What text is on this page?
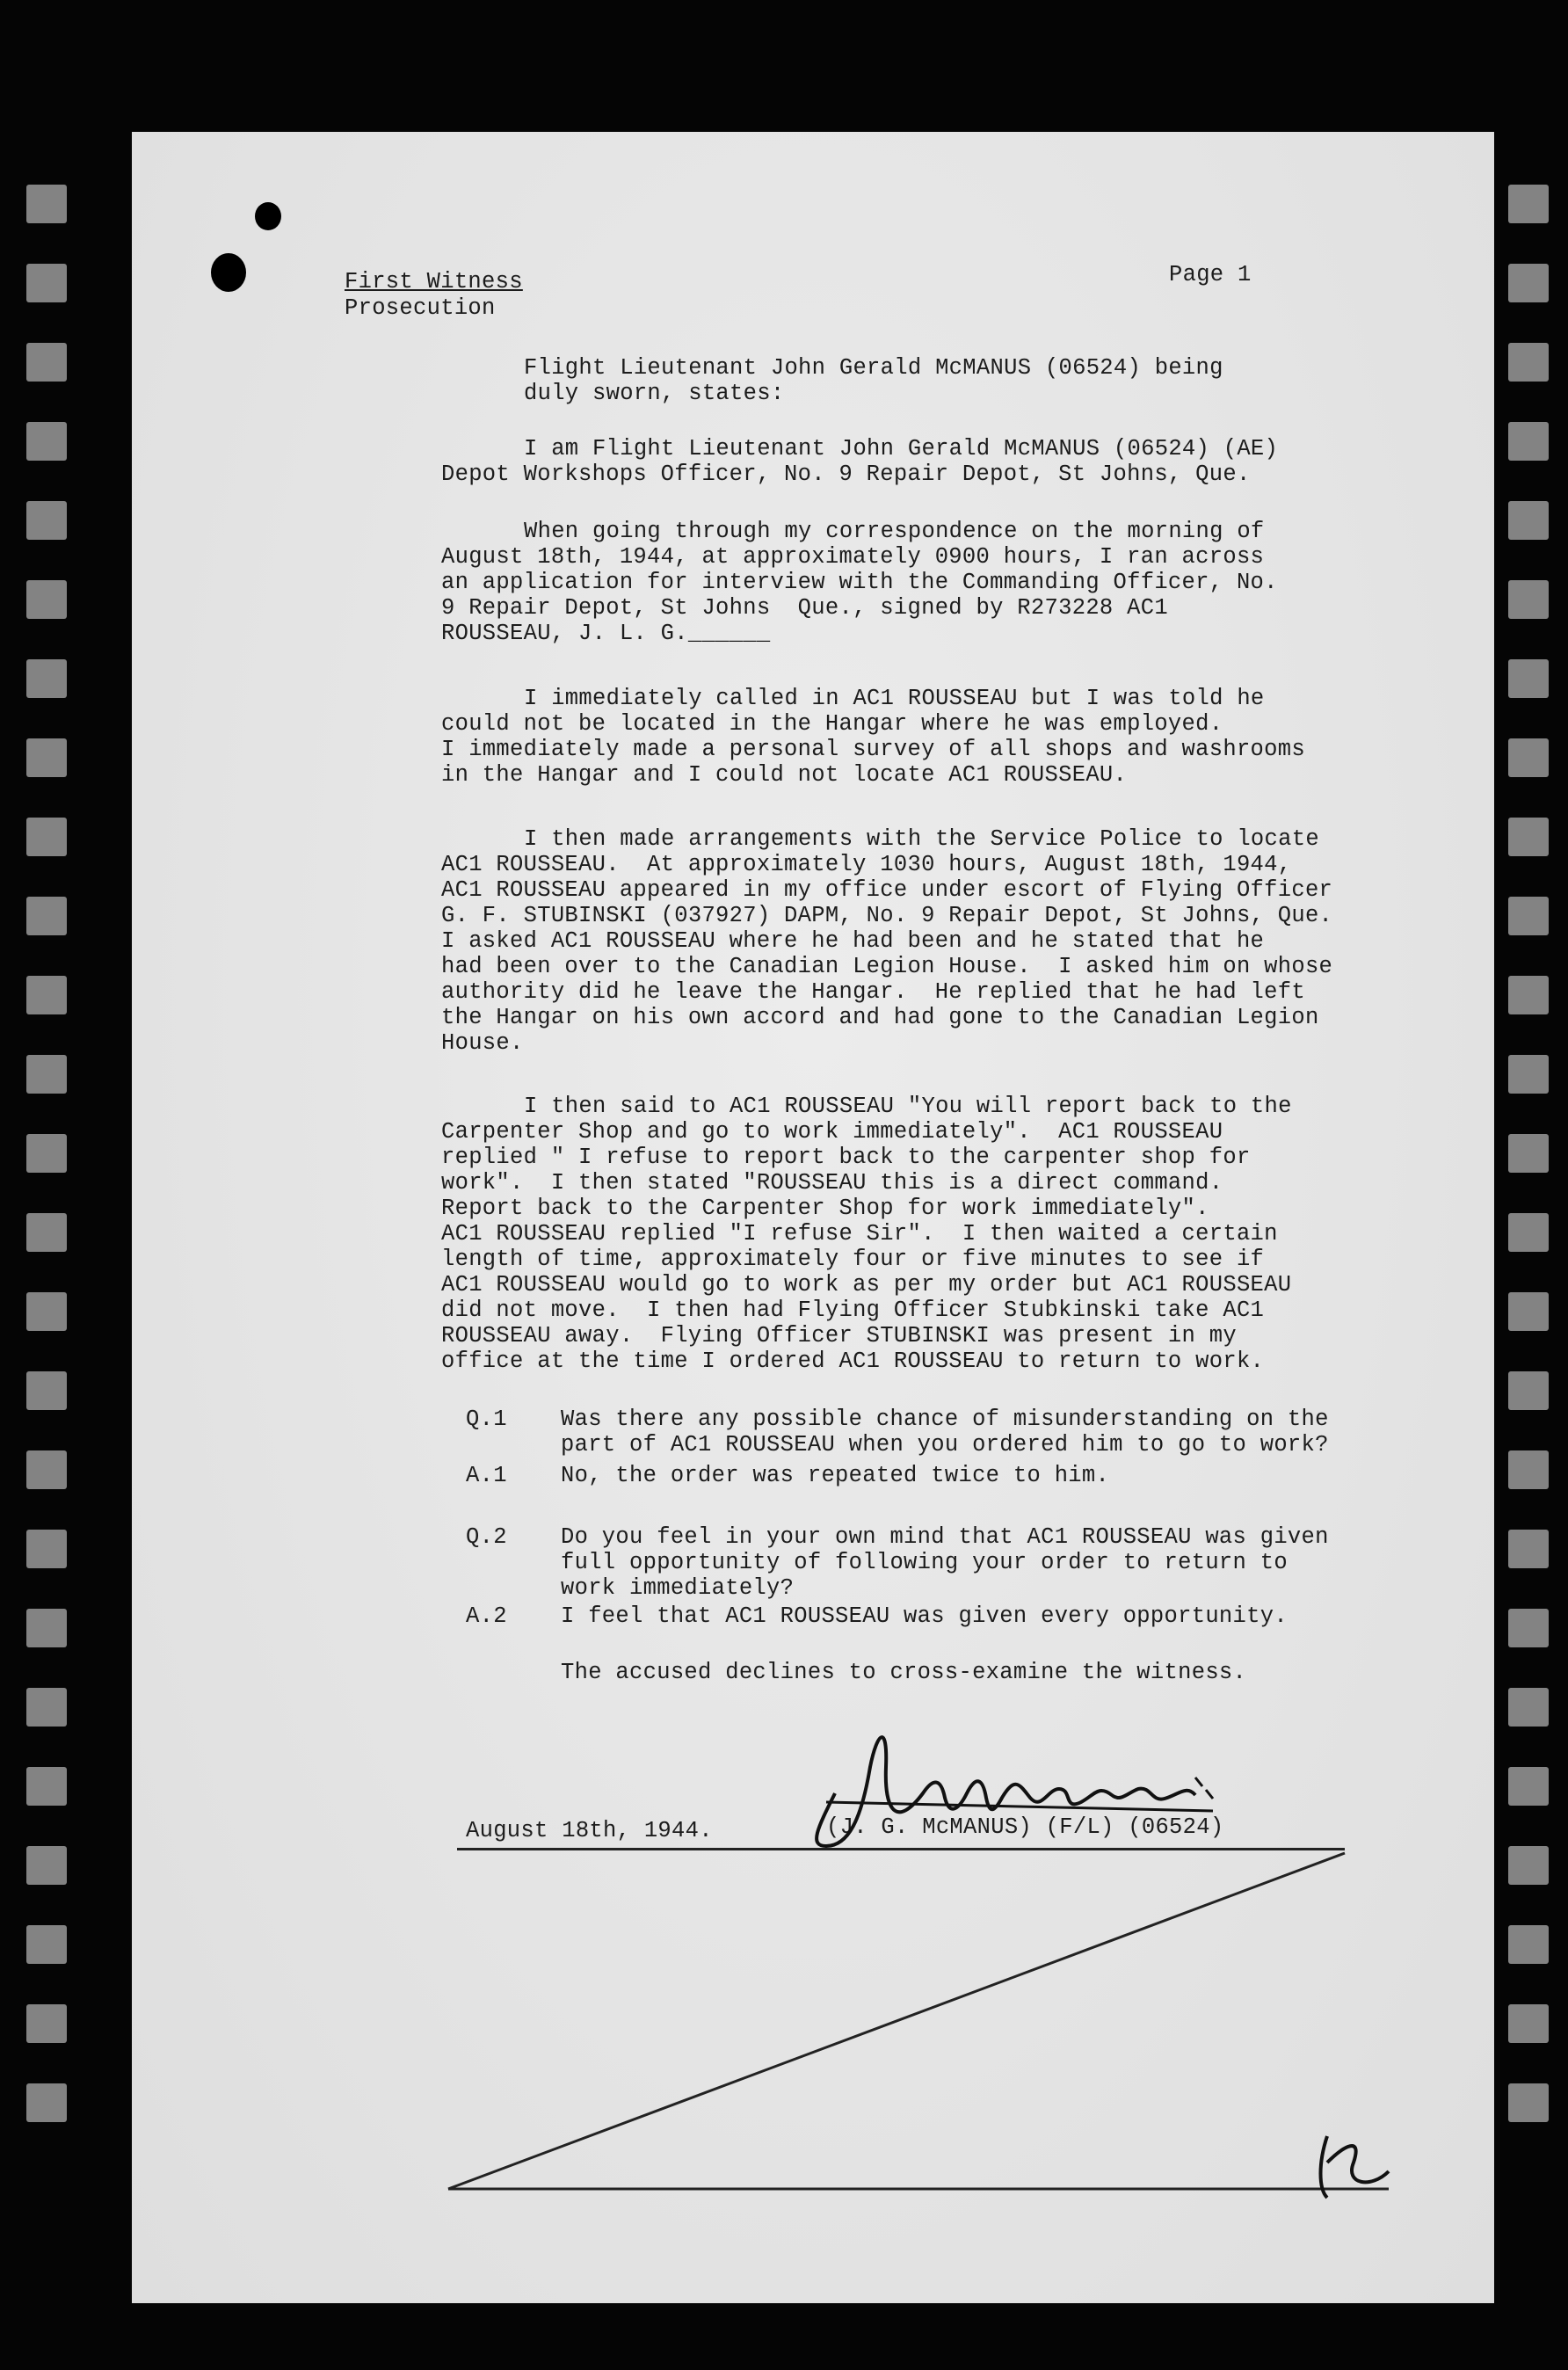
First Witness
Prosecution
Page 1
Flight Lieutenant John Gerald McMANUS (06524) being
duly sworn, states:
I am Flight Lieutenant John Gerald McMANUS (06524) (AE)
Depot Workshops Officer, No. 9 Repair Depot, St Johns, Que.
When going through my correspondence on the morning of
August 18th, 1944, at approximately 0900 hours, I ran across
an application for interview with the Commanding Officer, No.
9 Repair Depot, St Johns  Que., signed by R273228 AC1
ROUSSEAU, J. L. G.______
I immediately called in AC1 ROUSSEAU but I was told he
could not be located in the Hangar where he was employed.
I immediately made a personal survey of all shops and washrooms
in the Hangar and I could not locate AC1 ROUSSEAU.
I then made arrangements with the Service Police to locate
AC1 ROUSSEAU.  At approximately 1030 hours, August 18th, 1944,
AC1 ROUSSEAU appeared in my office under escort of Flying Officer
G. F. STUBINSKI (037927) DAPM, No. 9 Repair Depot, St Johns, Que.
I asked AC1 ROUSSEAU where he had been and he stated that he
had been over to the Canadian Legion House.  I asked him on whose
authority did he leave the Hangar.  He replied that he had left
the Hangar on his own accord and had gone to the Canadian Legion
House.
I then said to AC1 ROUSSEAU "You will report back to the
Carpenter Shop and go to work immediately".  AC1 ROUSSEAU
replied " I refuse to report back to the carpenter shop for
work".  I then stated "ROUSSEAU this is a direct command.
Report back to the Carpenter Shop for work immediately".
AC1 ROUSSEAU replied "I refuse Sir".  I then waited a certain
length of time, approximately four or five minutes to see if
AC1 ROUSSEAU would go to work as per my order but AC1 ROUSSEAU
did not move.  I then had Flying Officer Stubkinski take AC1
ROUSSEAU away.  Flying Officer STUBINSKI was present in my
office at the time I ordered AC1 ROUSSEAU to return to work.
Q.1 Was there any possible chance of misunderstanding on the
part of AC1 ROUSSEAU when you ordered him to go to work?
A.1 No, the order was repeated twice to him.
Q.2 Do you feel in your own mind that AC1 ROUSSEAU was given
full opportunity of following your order to return to
work immediately?
A.2 I feel that AC1 ROUSSEAU was given every opportunity.
The accused declines to cross-examine the witness.
August 18th, 1944.	(J. G. McMANUS) (F/L) (06524)
